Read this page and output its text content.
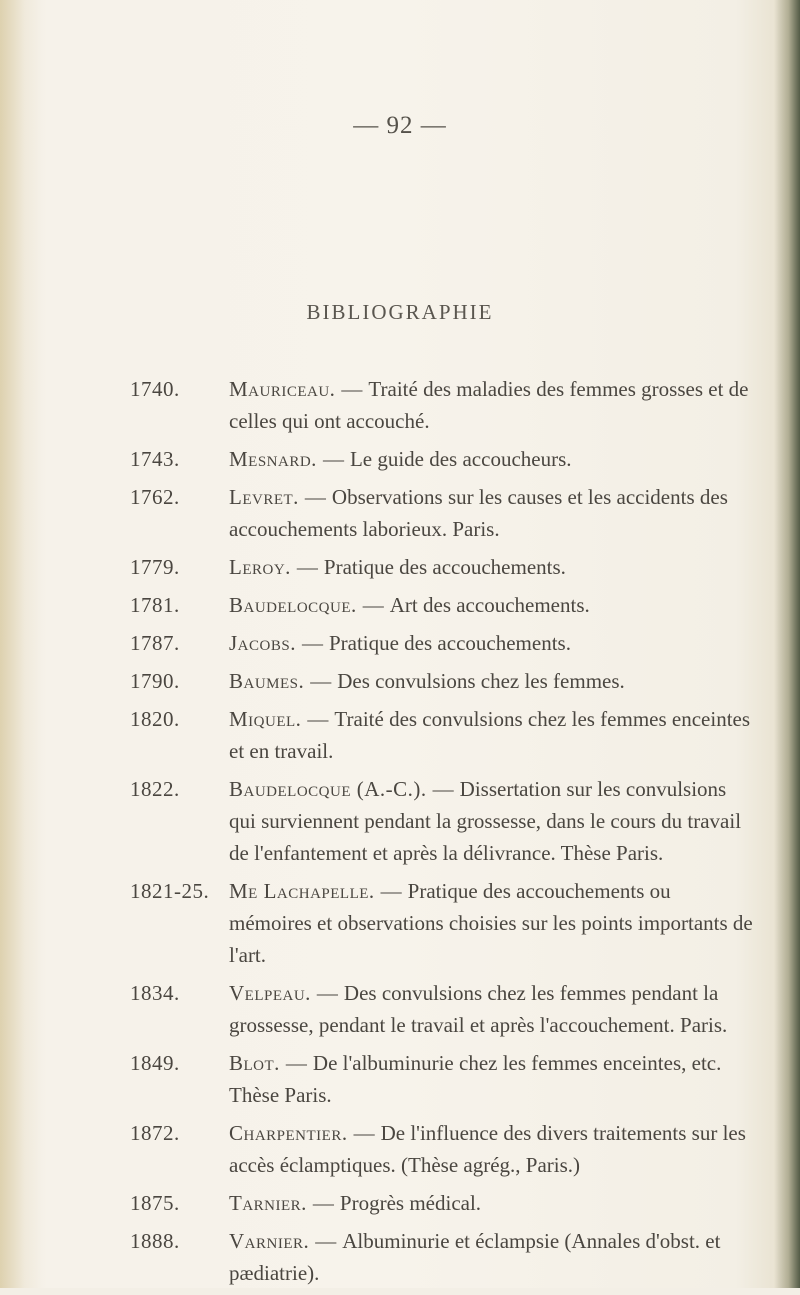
— 92 —
BIBLIOGRAPHIE
1740. Mauriceau. — Traité des maladies des femmes grosses et de celles qui ont accouché.
1743. Mesnard. — Le guide des accoucheurs.
1762. Levret. — Observations sur les causes et les accidents des accouchements laborieux. Paris.
1779. Leroy. — Pratique des accouchements.
1781. Baudelocque. — Art des accouchements.
1787. Jacobs. — Pratique des accouchements.
1790. Baumes. — Des convulsions chez les femmes.
1820. Miquel. — Traité des convulsions chez les femmes enceintes et en travail.
1822. Baudelocque (A.-C.). — Dissertation sur les convulsions qui surviennent pendant la grossesse, dans le cours du travail de l'enfantement et après la délivrance. Thèse Paris.
1821-25. Me Lachapelle. — Pratique des accouchements ou mémoires et observations choisies sur les points importants de l'art.
1834. Velpeau. — Des convulsions chez les femmes pendant la grossesse, pendant le travail et après l'accouchement. Paris.
1849. Blot. — De l'albuminurie chez les femmes enceintes, etc. Thèse Paris.
1872. Charpentier. — De l'influence des divers traitements sur les accès éclamptiques. (Thèse agrég., Paris.)
1875. Tarnier. — Progrès médical.
1888. Varnier. — Albuminurie et éclampsie (Annales d'obst. et pædiatrie).
